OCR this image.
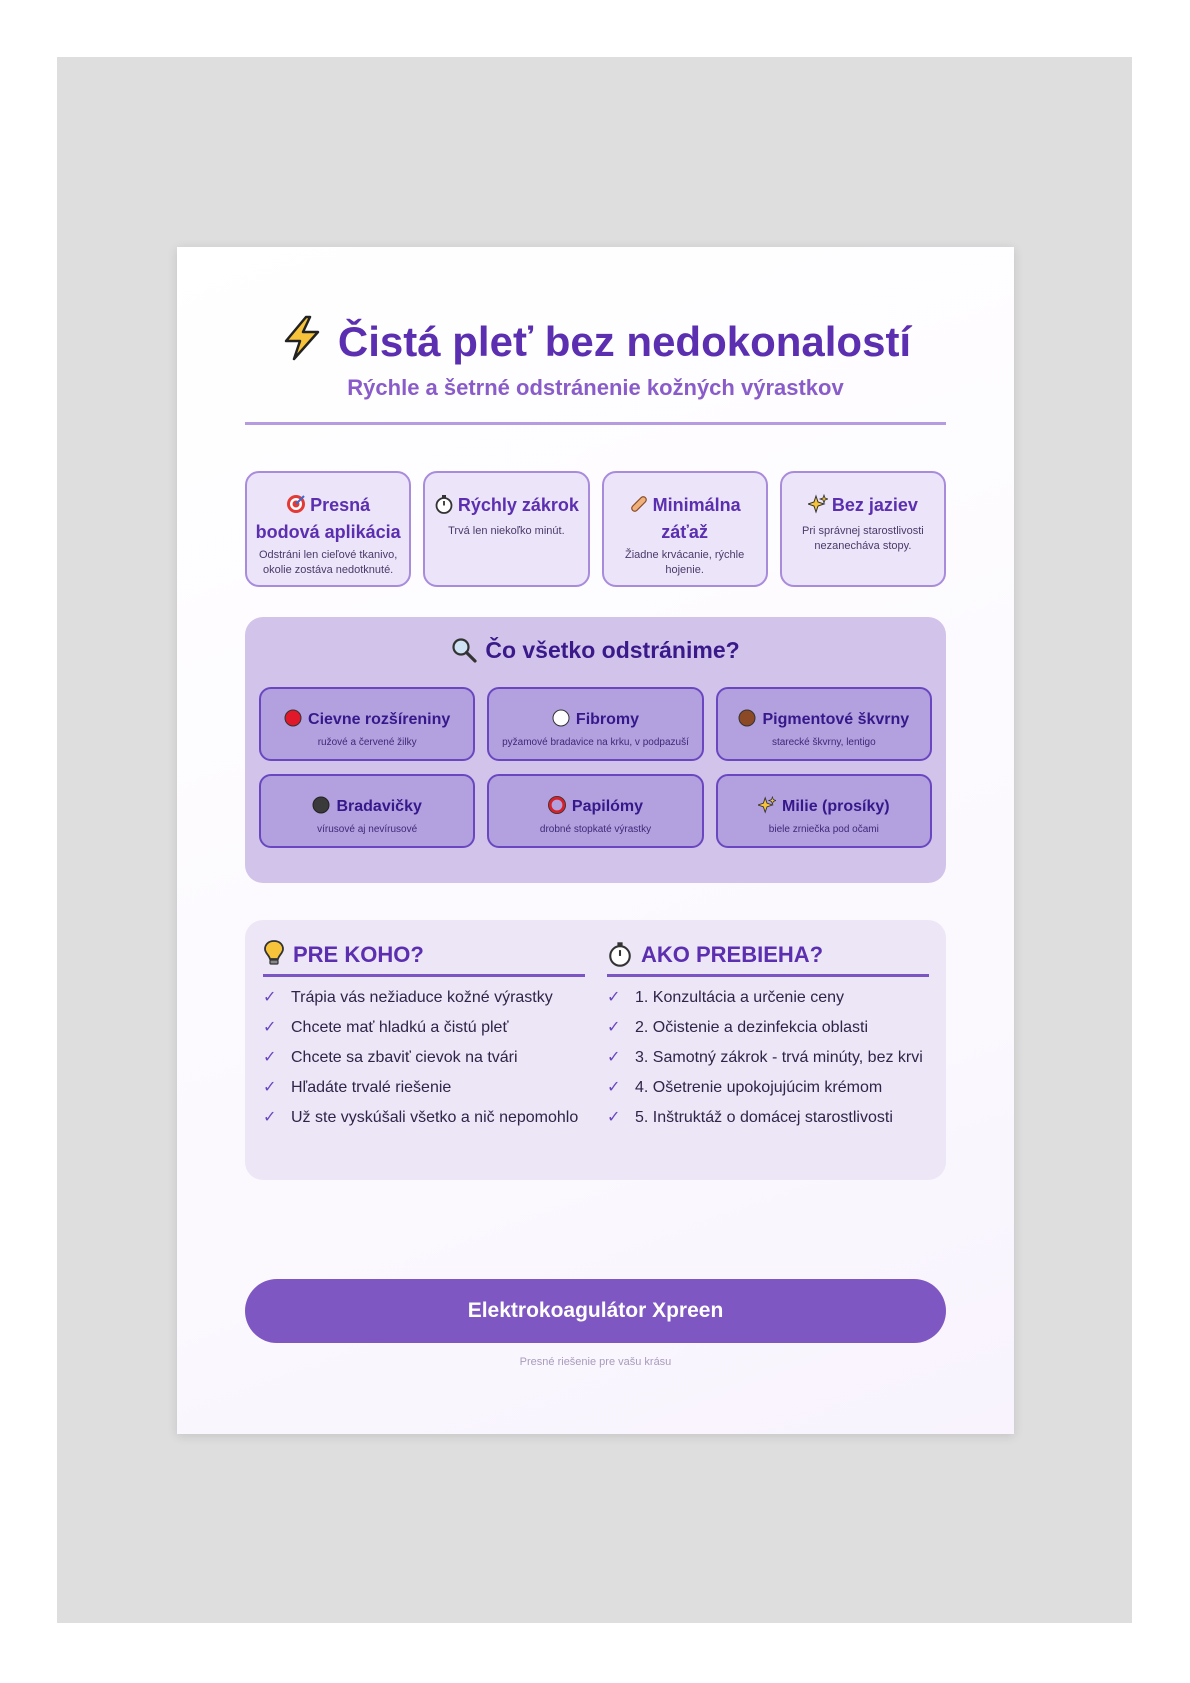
Čistá pleť bez nedokonalostí
Rýchle a šetrné odstránenie kožných výrastkov
Presná bodová aplikácia
Odstráni len cieľové tkanivo, okolie zostáva nedotknuté.
Rýchly zákrok
Trvá len niekoľko minút.
Minimálna záťaž
Žiadne krvácanie, rýchle hojenie.
Bez jaziev
Pri správnej starostlivosti nezanecháva stopy.
Čo všetko odstránime?
Cievne rozšíreniny
ružové a červené žilky
Fibromy
pyžamové bradavice na krku, v podpazuší
Pigmentové škvrny
starecké škvrny, lentigo
Bradavičky
vírusové aj nevírusové
Papilómy
drobné stopkaté výrastky
Milie (prosíky)
biele zrniečka pod očami
PRE KOHO?
✓ Trápia vás nežiaduce kožné výrastky
✓ Chcete mať hladkú a čistú pleť
✓ Chcete sa zbaviť cievok na tvári
✓ Hľadáte trvalé riešenie
✓ Už ste vyskúšali všetko a nič nepomohlo
AKO PREBIEHA?
✓ 1. Konzultácia a určenie ceny
✓ 2. Očistenie a dezinfekcia oblasti
✓ 3. Samotný zákrok - trvá minúty, bez krvi
✓ 4. Ošetrenie upokojujúcim krémom
✓ 5. Inštruktáž o domácej starostlivosti
Elektrokoagulátor Xpreen
Presné riešenie pre vašu krásu
